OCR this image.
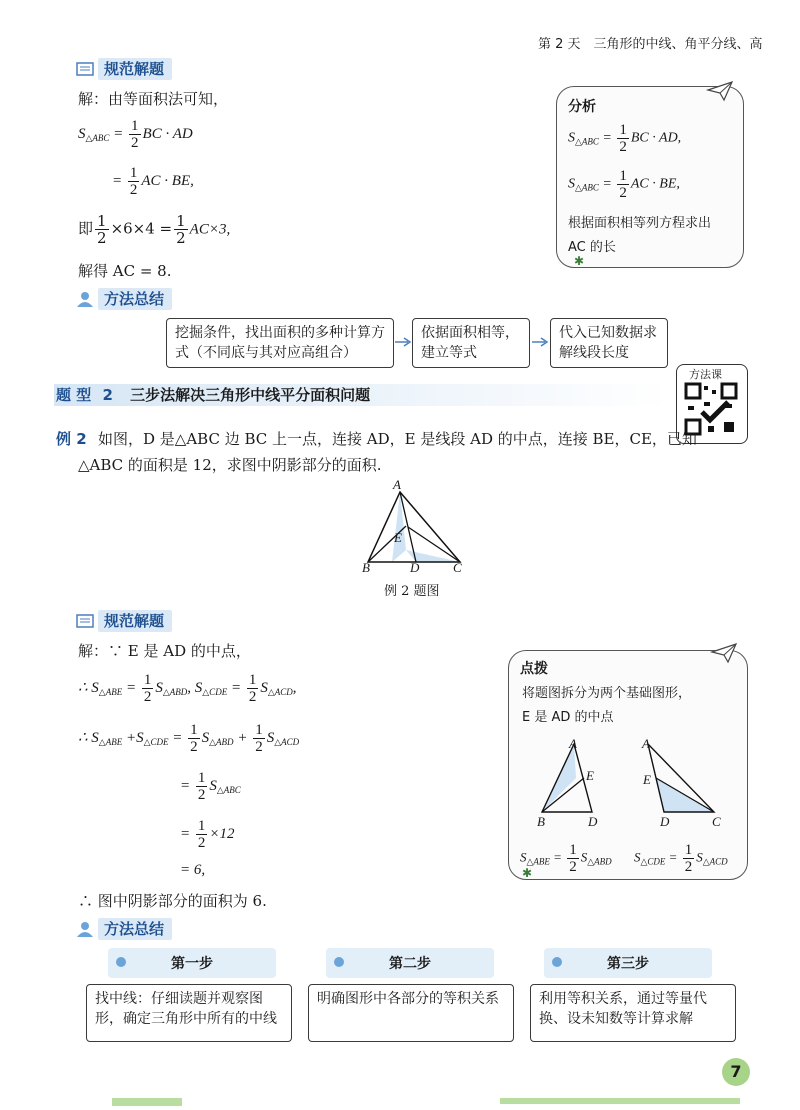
第 2 天　三角形的中线、角平分线、高
规范解题
解：由等面积法可知，
$S_{\triangle ABC} = \frac{1}{2}$ BC · AD
= $\frac{1}{2}$ AC · BE,
即 $\frac{1}{2} \times 6\times 4 = \frac{1}{2} AC\times 3$,
解得 AC = 8.
分析
$S_{\triangle ABC} = \frac{1}{2}$ BC · AD,
$S_{\triangle ABC} = \frac{1}{2}$ AC · BE,
根据面积相等列方程求出
AC 的长
✱
方法总结
挖掘条件，找出面积的多种计算方式（不同底与其对应高组合）
依据面积相等，建立等式
代入已知数据求解线段长度
题 型 2 三步法解决三角形中线平分面积问题
方法课
例 2 如图，D 是△ABC 边 BC 上一点，连接 AD，E 是线段 AD 的中点，连接 BE，CE，已知
△ABC 的面积是 12，求图中阴影部分的面积.
A
B	C
D
E
例 2 题图
规范解题
解：∵ E 是 AD 的中点，
∴ $S_{\triangle ABE} = \frac{1}{2} S_{\triangle ABD}$, $S_{\triangle CDE} = \frac{1}{2} S_{\triangle ACD}$,
∴ $S_{\triangle ABE} +S_{\triangle CDE} = \frac{1}{2} S_{\triangle ABD} + \frac{1}{2} S_{\triangle ACD}$
= $\frac{1}{2} S_{\triangle ABC}$
= $\frac{1}{2} \times 12$
= 6,
∴ 图中阴影部分的面积为 6.
点拨
将题图拆分为两个基础图形，
E 是 AD 的中点
A
E
B	D
A
E
D	C
$S_{\triangle ABE} = \frac{1}{2} S_{\triangle ABD}$ $S_{\triangle CDE} = \frac{1}{2} S_{\triangle ACD}$
✱
方法总结
第一步	第二步	第三步
找中线：仔细读题并观察图形，确定三角形中所有的中线
明确图形中各部分的等积关系	利用等积关系，通过等量代换、设未知数等计算求解
7
